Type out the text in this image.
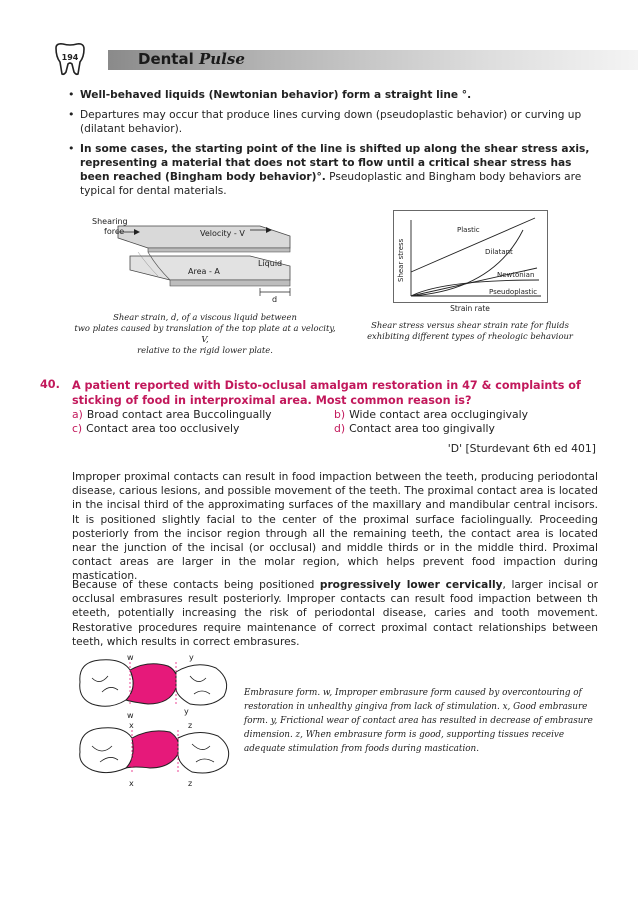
194	Dental Pulse
• Well-behaved liquids (Newtonian behavior) form a straight line °.
• Departures may occur that produce lines curving down (pseudoplastic behavior) or curving up (dilatant behavior).
• In some cases, the starting point of the line is shifted up along the shear stress axis, representing a material that does not start to flow until a critical shear stress has been reached (Bingham body behavior)°. Pseudoplastic and Bingham body behaviors are typical for dental materials.
Shearing
force	Velocity - V
Area - A
Liquid
d
Shear strain, d, of a viscous liquid between
two plates caused by translation of the top plate at a velocity, V,
relative to the rigid lower plate.
Shear stress
Plastic
Dilatant
Newtonian
Pseudoplastic
Strain rate
Shear stress versus shear strain rate for fluids
exhibiting different types of rheologic behaviour
40. A patient reported with Disto-oclusal amalgam restoration in 47 & complaints of sticking of food in interproximal area. Most common reason is?
a) Broad contact area Buccolingually	b) Wide contact area occlugingivaly
c) Contact area too occlusively	d) Contact area too gingivally
'D' [Sturdevant 6th ed 401]
Improper proximal contacts can result in food impaction between the teeth, producing periodontal disease, carious lesions, and possible movement of the teeth. The proximal contact area is located in the incisal third of the approximating surfaces of the maxillary and mandibular central incisors. It is positioned slightly facial to the center of the proximal surface faciolingually. Proceeding posteriorly from the incisor region through all the remaining teeth, the contact area is located near the junction of the incisal (or occlusal) and middle thirds or in the middle third. Proximal contact areas are larger in the molar region, which helps prevent food impaction during mastication.
Because of these contacts being positioned progressively lower cervically, larger incisal or occlusal embrasures result posteriorly. Improper contacts can result food impaction between th eteeth, potentially increasing the risk of periodontal disease, caries and tooth movement. Restorative procedures require maintenance of correct proximal contact relationships between teeth, which results in correct embrasures.
w	y
w	y
x	z
x	z
Embrasure form. w, Improper embrasure form caused by overcontouring of restoration in unhealthy gingiva from lack of stimulation. x, Good embrasure form. y, Frictional wear of contact area has resulted in decrease of embrasure dimension. z, When embrasure form is good, supporting tissues receive adequate stimulation from foods during mastication.
